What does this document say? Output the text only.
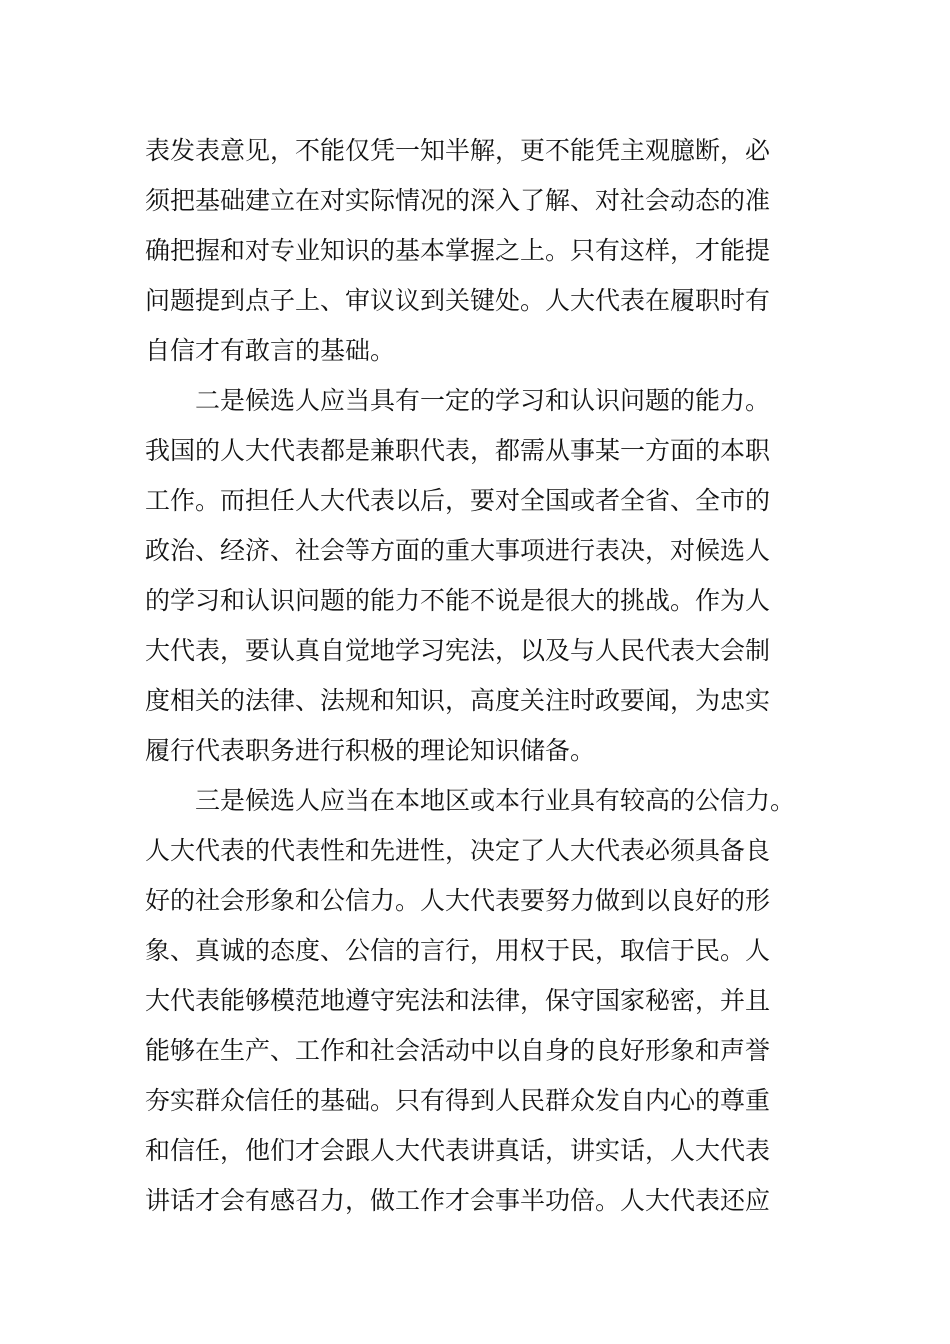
表发表意见，不能仅凭一知半解，更不能凭主观臆断，必
须把基础建立在对实际情况的深入了解、对社会动态的准
确把握和对专业知识的基本掌握之上。只有这样，才能提
问题提到点子上、审议议到关键处。人大代表在履职时有
自信才有敢言的基础。
二是候选人应当具有一定的学习和认识问题的能力。
我国的人大代表都是兼职代表，都需从事某一方面的本职
工作。而担任人大代表以后，要对全国或者全省、全市的
政治、经济、社会等方面的重大事项进行表决，对候选人
的学习和认识问题的能力不能不说是很大的挑战。作为人
大代表，要认真自觉地学习宪法，以及与人民代表大会制
度相关的法律、法规和知识，高度关注时政要闻，为忠实
履行代表职务进行积极的理论知识储备。
三是候选人应当在本地区或本行业具有较高的公信力。
人大代表的代表性和先进性，决定了人大代表必须具备良
好的社会形象和公信力。人大代表要努力做到以良好的形
象、真诚的态度、公信的言行，用权于民，取信于民。人
大代表能够模范地遵守宪法和法律，保守国家秘密，并且
能够在生产、工作和社会活动中以自身的良好形象和声誉
夯实群众信任的基础。只有得到人民群众发自内心的尊重
和信任，他们才会跟人大代表讲真话，讲实话，人大代表
讲话才会有感召力，做工作才会事半功倍。人大代表还应
